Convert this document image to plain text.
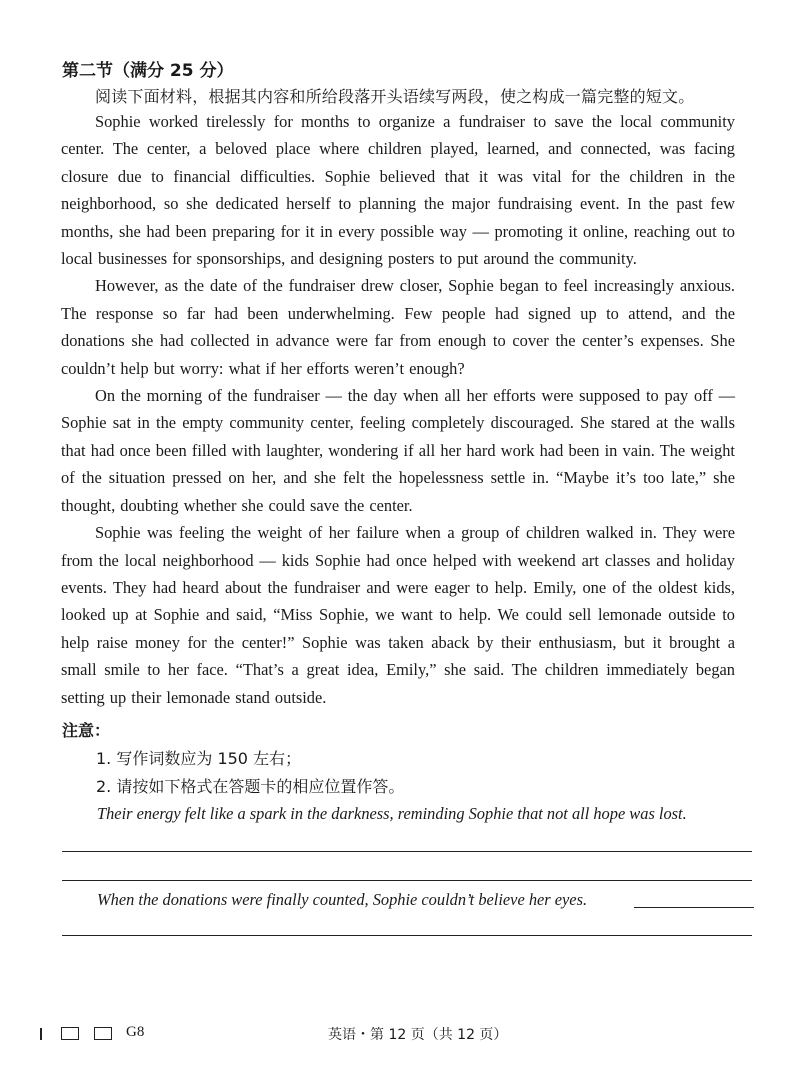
第二节（满分 25 分）
阅读下面材料，根据其内容和所给段落开头语续写两段，使之构成一篇完整的短文。

Sophie worked tirelessly for months to organize a fundraiser to save the local community center. The center, a beloved place where children played, learned, and connected, was facing closure due to financial difficulties. Sophie believed that it was vital for the children in the neighborhood, so she dedicated herself to planning the major fundraising event. In the past few months, she had been preparing for it in every possible way — promoting it online, reaching out to local businesses for sponsorships, and designing posters to put around the community.

However, as the date of the fundraiser drew closer, Sophie began to feel increasingly anxious. The response so far had been underwhelming. Few people had signed up to attend, and the donations she had collected in advance were far from enough to cover the center’s expenses. She couldn’t help but worry: what if her efforts weren’t enough?

On the morning of the fundraiser — the day when all her efforts were supposed to pay off — Sophie sat in the empty community center, feeling completely discouraged. She stared at the walls that had once been filled with laughter, wondering if all her hard work had been in vain. The weight of the situation pressed on her, and she felt the hopelessness settle in. “Maybe it’s too late,” she thought, doubting whether she could save the center.

Sophie was feeling the weight of her failure when a group of children walked in. They were from the local neighborhood — kids Sophie had once helped with weekend art classes and holiday events. They had heard about the fundraiser and were eager to help. Emily, one of the oldest kids, looked up at Sophie and said, “Miss Sophie, we want to help. We could sell lemonade outside to help raise money for the center!” Sophie was taken aback by their enthusiasm, but it brought a small smile to her face. “That’s a great idea, Emily,” she said. The children immediately began setting up their lemonade stand outside.

注意：
1. 写作词数应为 150 左右；
2. 请按如下格式在答题卡的相应位置作答。
Their energy felt like a spark in the darkness, reminding Sophie that not all hope was lost.
When the donations were finally counted, Sophie couldn’t believe her eyes.
G8	英语・第 12 页（共 12 页）
